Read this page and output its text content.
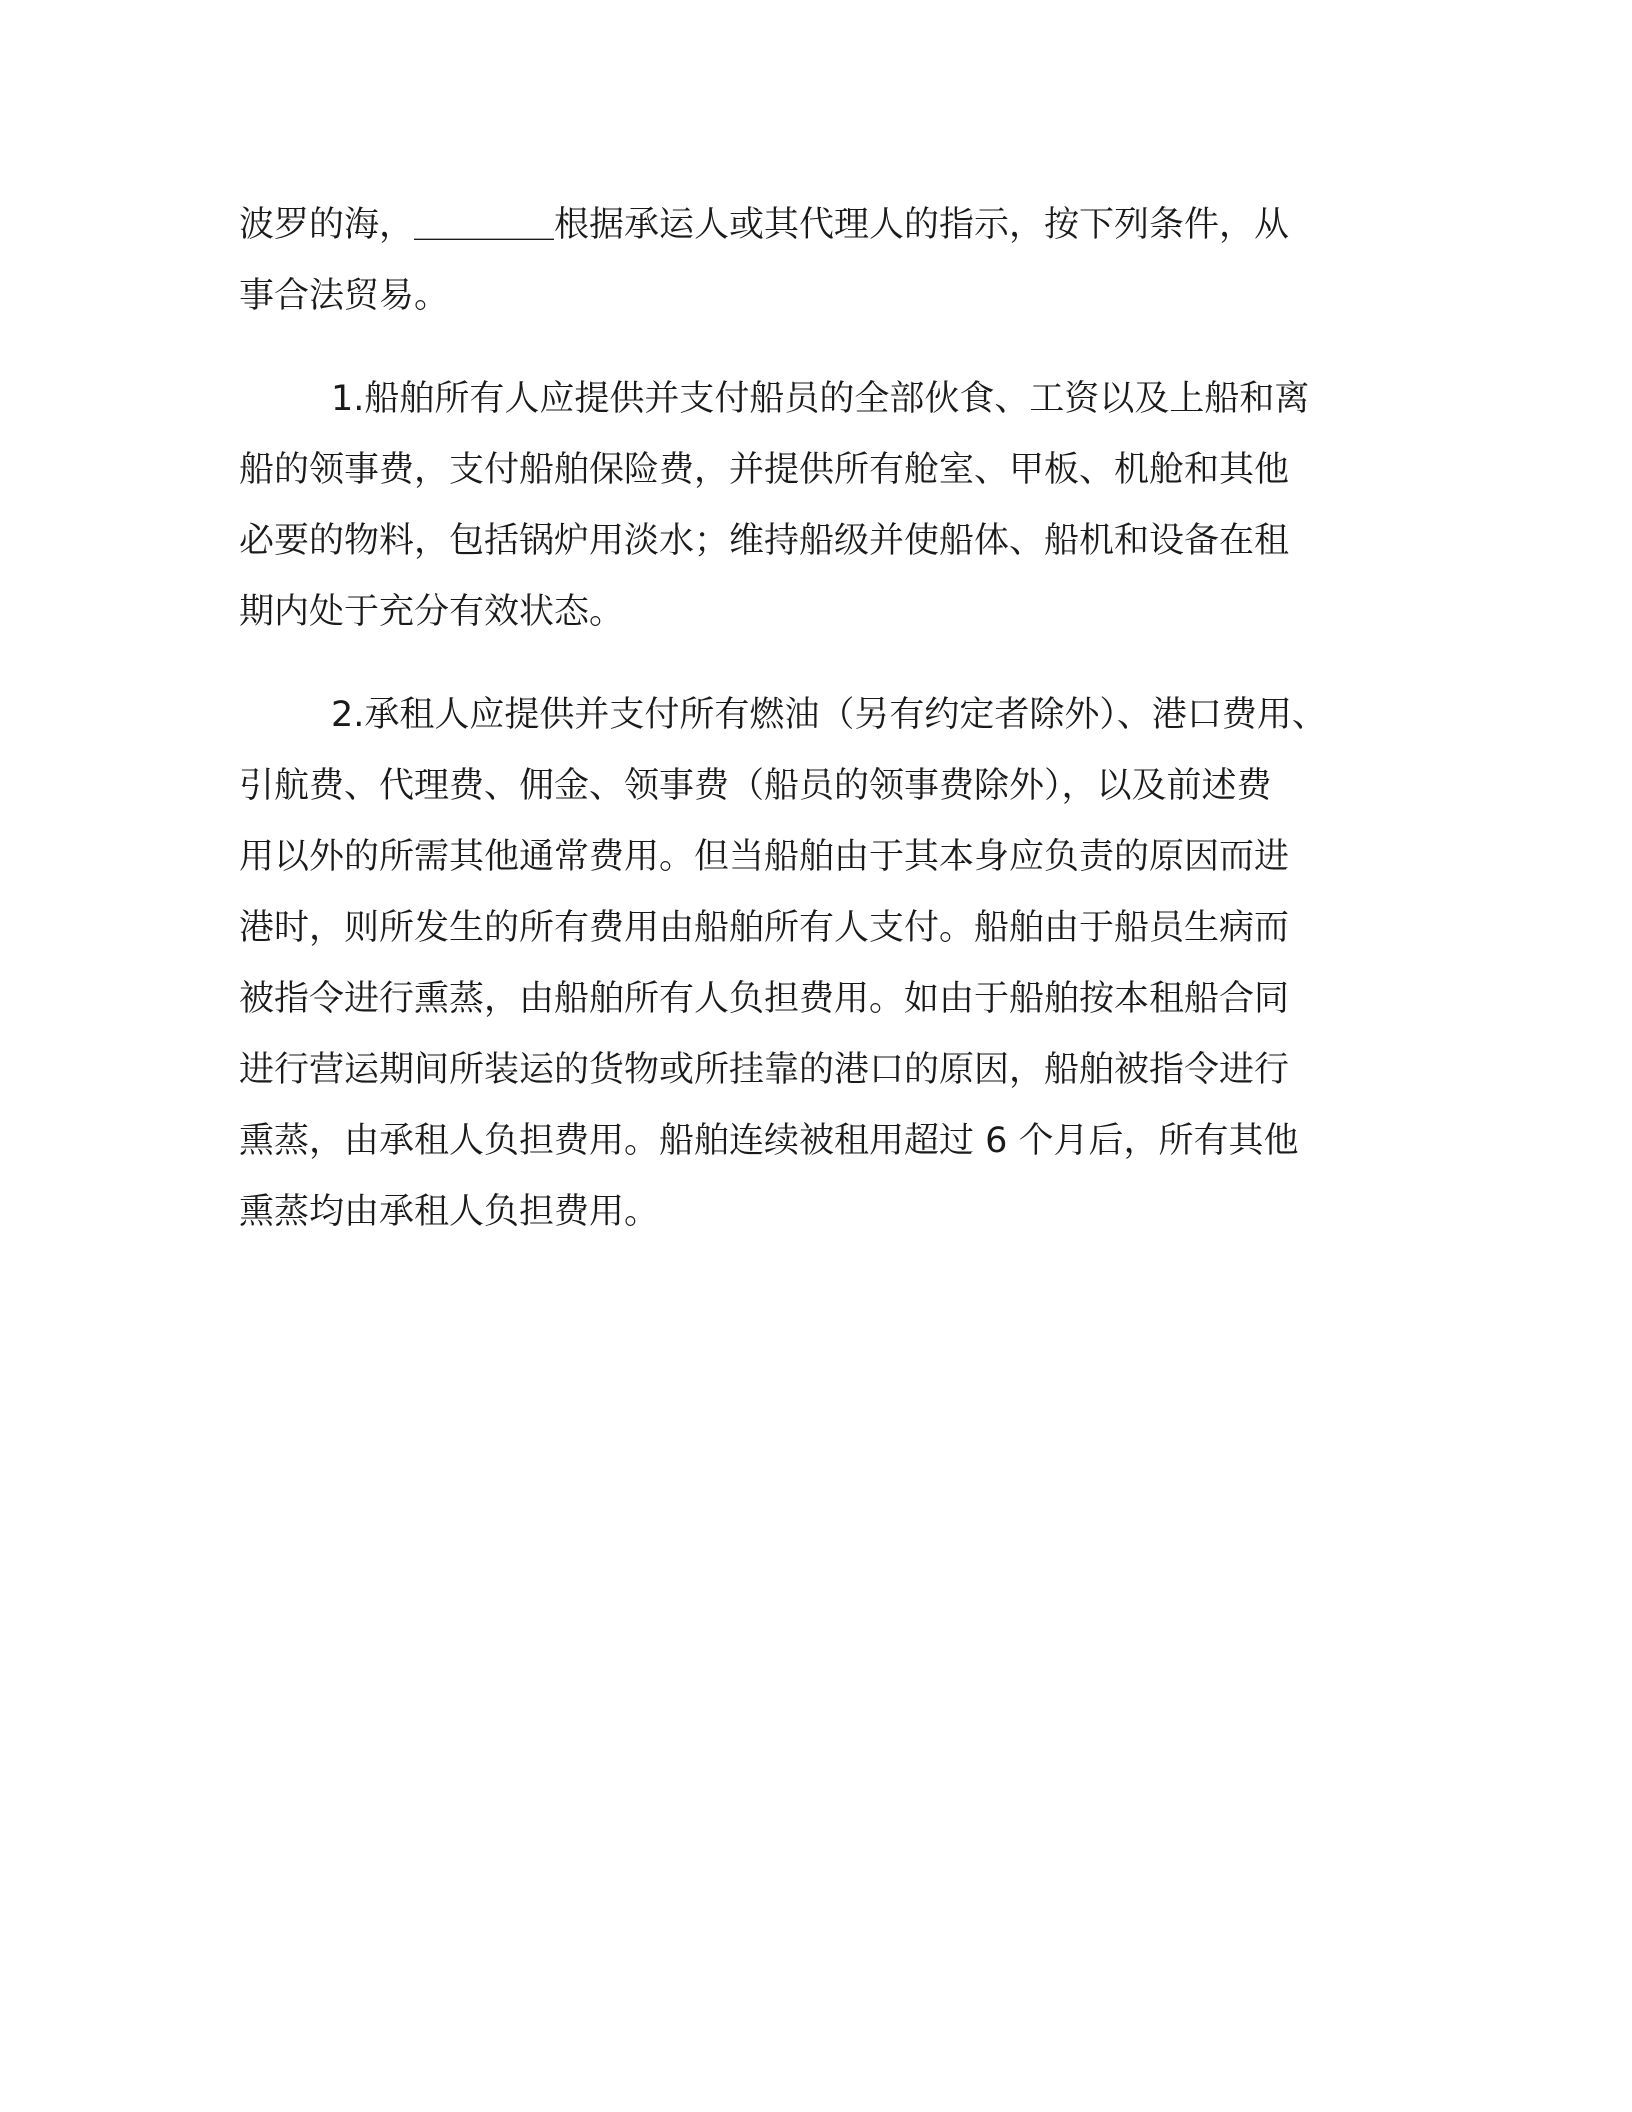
波罗的海，＿＿＿＿根据承运人或其代理人的指示，按下列条件，从
事合法贸易。

1.船舶所有人应提供并支付船员的全部伙食、工资以及上船和离
船的领事费，支付船舶保险费，并提供所有舱室、甲板、机舱和其他
必要的物料，包括锅炉用淡水；维持船级并使船体、船机和设备在租
期内处于充分有效状态。

2.承租人应提供并支付所有燃油（另有约定者除外）、港口费用、
引航费、代理费、佣金、领事费（船员的领事费除外），以及前述费
用以外的所需其他通常费用。但当船舶由于其本身应负责的原因而进
港时，则所发生的所有费用由船舶所有人支付。船舶由于船员生病而
被指令进行熏蒸，由船舶所有人负担费用。如由于船舶按本租船合同
进行营运期间所装运的货物或所挂靠的港口的原因，船舶被指令进行
熏蒸，由承租人负担费用。船舶连续被租用超过 6 个月后，所有其他
熏蒸均由承租人负担费用。
